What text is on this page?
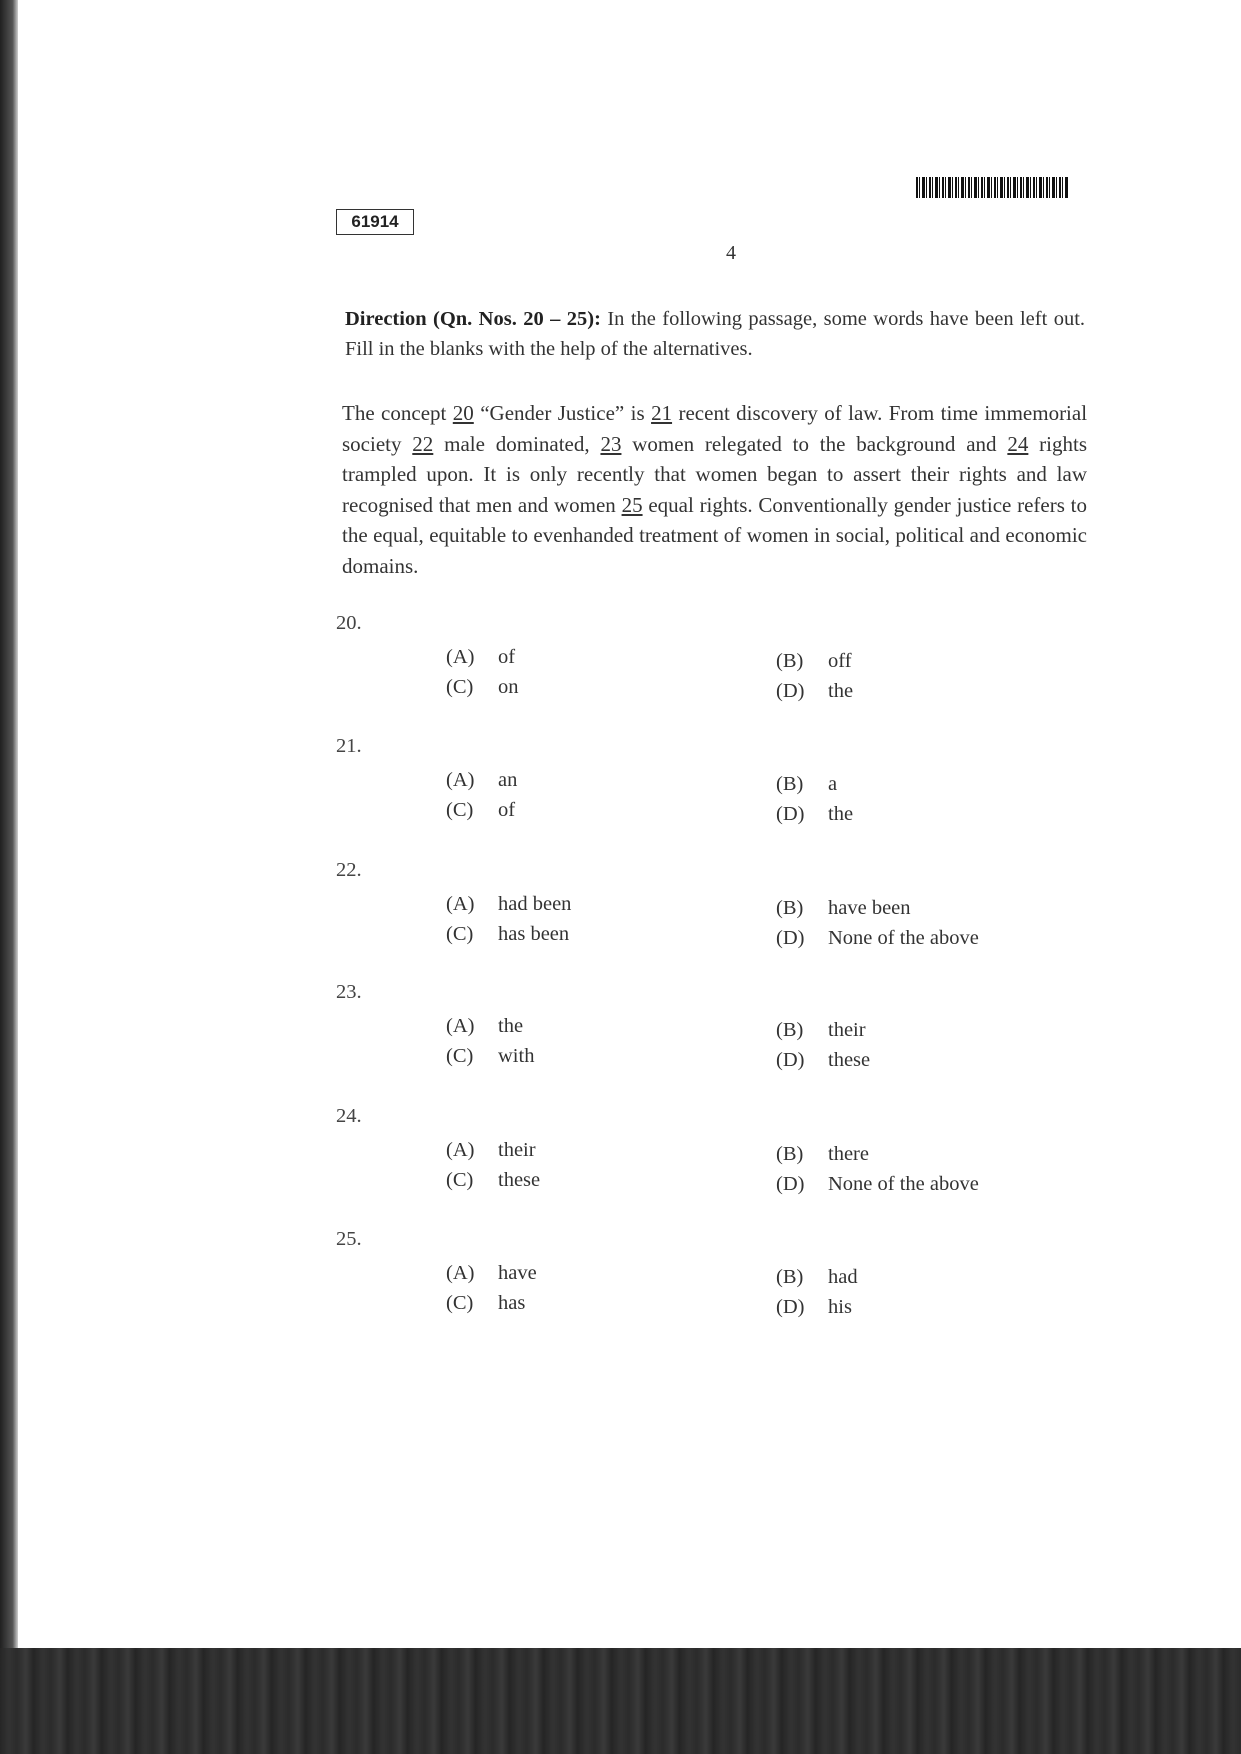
61914
4
Direction (Qn. Nos. 20 – 25): In the following passage, some words have been left out. Fill in the blanks with the help of the alternatives.
The concept 20 “Gender Justice” is 21 recent discovery of law. From time immemorial society 22 male dominated, 23 women relegated to the background and 24 rights trampled upon. It is only recently that women began to assert their rights and law recognised that men and women 25 equal rights. Conventionally gender justice refers to the equal, equitable to evenhanded treatment of women in social, political and economic domains.
20.
(A) of	(B) off
(C) on	(D) the
21.
(A) an	(B) a
(C) of	(D) the
22.
(A) had been	(B) have been
(C) has been	(D) None of the above
23.
(A) the	(B) their
(C) with	(D) these
24.
(A) their	(B) there
(C) these	(D) None of the above
25.
(A) have	(B) had
(C) has	(D) his
